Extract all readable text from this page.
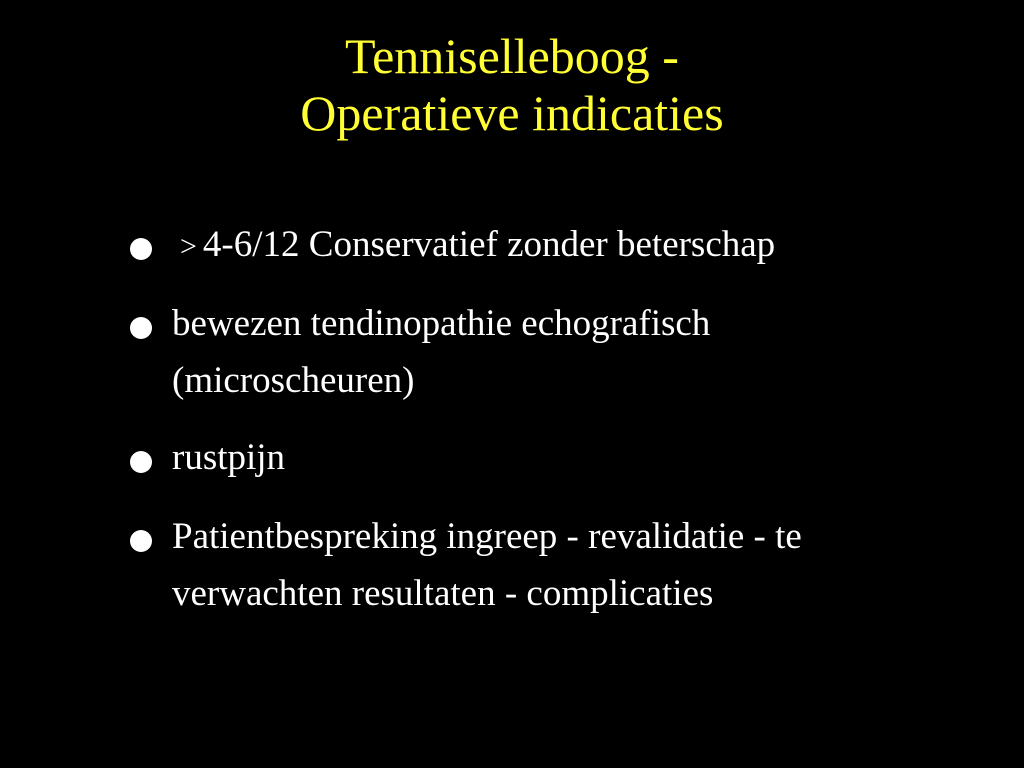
Tenniselleboog -
Operatieve indicaties
> 4-6/12 Conservatief zonder beterschap
bewezen tendinopathie echografisch (microscheuren)
rustpijn
Patientbespreking ingreep - revalidatie - te verwachten resultaten - complicaties
